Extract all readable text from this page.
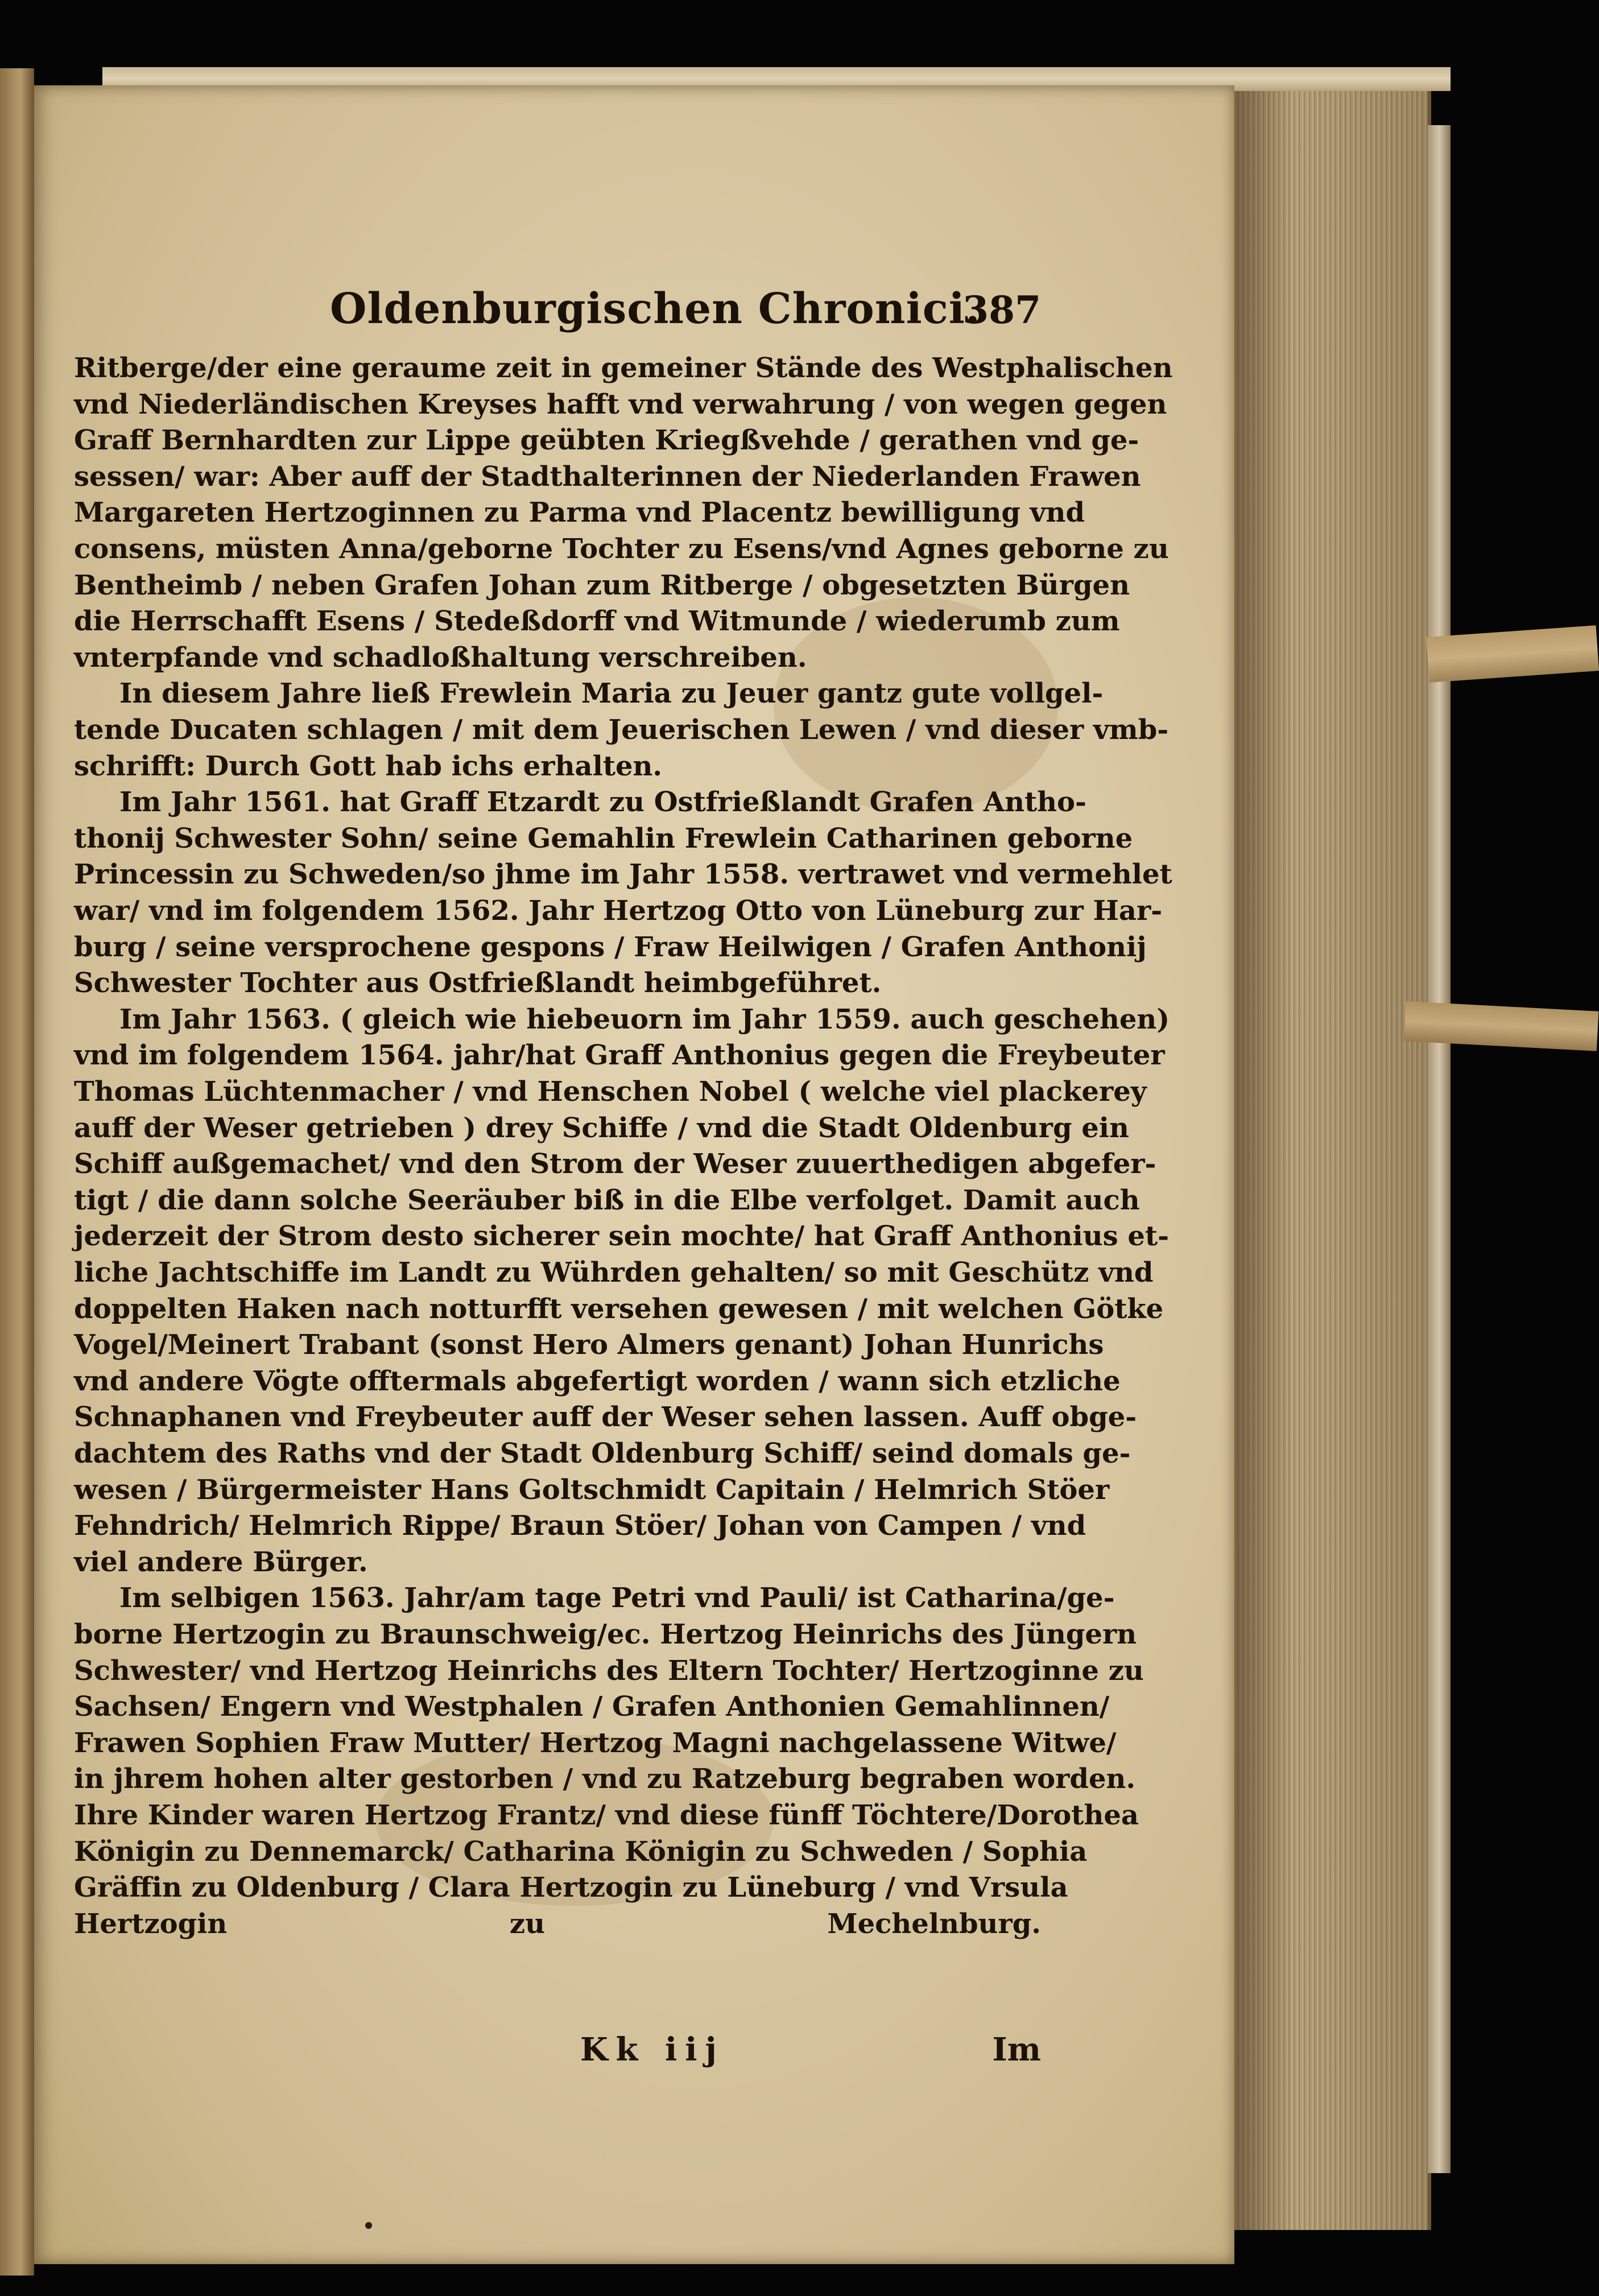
Oldenburgischen Chronici.
387
Ritberge/der eine geraume zeit in gemeiner Stände des Westphalischen
vnd Niederländischen Kreyses hafft vnd verwahrung / von wegen gegen
Graff Bernhardten zur Lippe geübten Kriegßvehde / gerathen vnd ge-
sessen/ war: Aber auff der Stadthalterinnen der Niederlanden Frawen
Margareten Hertzoginnen zu Parma vnd Placentz bewilligung vnd
consens, müsten Anna/geborne Tochter zu Esens/vnd Agnes geborne zu
Bentheimb / neben Grafen Johan zum Ritberge / obgesetzten Bürgen
die Herrschafft Esens / Stedeßdorff vnd Witmunde / wiederumb zum
vnterpfande vnd schadloßhaltung verschreiben.
In diesem Jahre ließ Frewlein Maria zu Jeuer gantz gute vollgel-
tende Ducaten schlagen / mit dem Jeuerischen Lewen / vnd dieser vmb-
schrifft: Durch Gott hab ichs erhalten.
Im Jahr 1561. hat Graff Etzardt zu Ostfrießlandt Grafen Antho-
thonij Schwester Sohn/ seine Gemahlin Frewlein Catharinen geborne
Princessin zu Schweden/so jhme im Jahr 1558. vertrawet vnd vermehlet
war/ vnd im folgendem 1562. Jahr Hertzog Otto von Lüneburg zur Har-
burg / seine versprochene gespons / Fraw Heilwigen / Grafen Anthonij
Schwester Tochter aus Ostfrießlandt heimbgeführet.
Im Jahr 1563. ( gleich wie hiebeuorn im Jahr 1559. auch geschehen)
vnd im folgendem 1564. jahr/hat Graff Anthonius gegen die Freybeuter
Thomas Lüchtenmacher / vnd Henschen Nobel ( welche viel plackerey
auff der Weser getrieben ) drey Schiffe / vnd die Stadt Oldenburg ein
Schiff außgemachet/ vnd den Strom der Weser zuuerthedigen abgefer-
tigt / die dann solche Seeräuber biß in die Elbe verfolget. Damit auch
jederzeit der Strom desto sicherer sein mochte/ hat Graff Anthonius et-
liche Jachtschiffe im Landt zu Wührden gehalten/ so mit Geschütz vnd
doppelten Haken nach notturfft versehen gewesen / mit welchen Götke
Vogel/Meinert Trabant (sonst Hero Almers genant) Johan Hunrichs
vnd andere Vögte offtermals abgefertigt worden / wann sich etzliche
Schnaphanen vnd Freybeuter auff der Weser sehen lassen. Auff obge-
dachtem des Raths vnd der Stadt Oldenburg Schiff/ seind domals ge-
wesen / Bürgermeister Hans Goltschmidt Capitain / Helmrich Stöer
Fehndrich/ Helmrich Rippe/ Braun Stöer/ Johan von Campen / vnd
viel andere Bürger.
Im selbigen 1563. Jahr/am tage Petri vnd Pauli/ ist Catharina/ge-
borne Hertzogin zu Braunschweig/ec. Hertzog Heinrichs des Jüngern
Schwester/ vnd Hertzog Heinrichs des Eltern Tochter/ Hertzoginne zu
Sachsen/ Engern vnd Westphalen / Grafen Anthonien Gemahlinnen/
Frawen Sophien Fraw Mutter/ Hertzog Magni nachgelassene Witwe/
in jhrem hohen alter gestorben / vnd zu Ratzeburg begraben worden.
Ihre Kinder waren Hertzog Frantz/ vnd diese fünff Töchtere/Dorothea
Königin zu Dennemarck/ Catharina Königin zu Schweden / Sophia
Gräffin zu Oldenburg / Clara Hertzogin zu Lüneburg / vnd Vrsula
Hertzogin zu Mechelnburg.
Kk iij	Im
